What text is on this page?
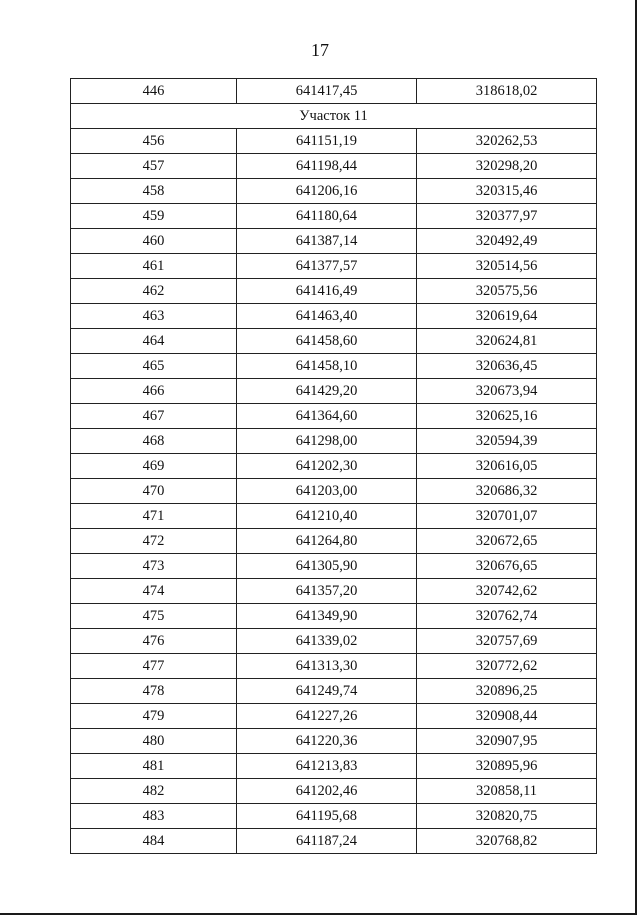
17
446	641417,45	318618,02
Участок 11		
456	641151,19	320262,53
457	641198,44	320298,20
458	641206,16	320315,46
459	641180,64	320377,97
460	641387,14	320492,49
461	641377,57	320514,56
462	641416,49	320575,56
463	641463,40	320619,64
464	641458,60	320624,81
465	641458,10	320636,45
466	641429,20	320673,94
467	641364,60	320625,16
468	641298,00	320594,39
469	641202,30	320616,05
470	641203,00	320686,32
471	641210,40	320701,07
472	641264,80	320672,65
473	641305,90	320676,65
474	641357,20	320742,62
475	641349,90	320762,74
476	641339,02	320757,69
477	641313,30	320772,62
478	641249,74	320896,25
479	641227,26	320908,44
480	641220,36	320907,95
481	641213,83	320895,96
482	641202,46	320858,11
483	641195,68	320820,75
484	641187,24	320768,82
